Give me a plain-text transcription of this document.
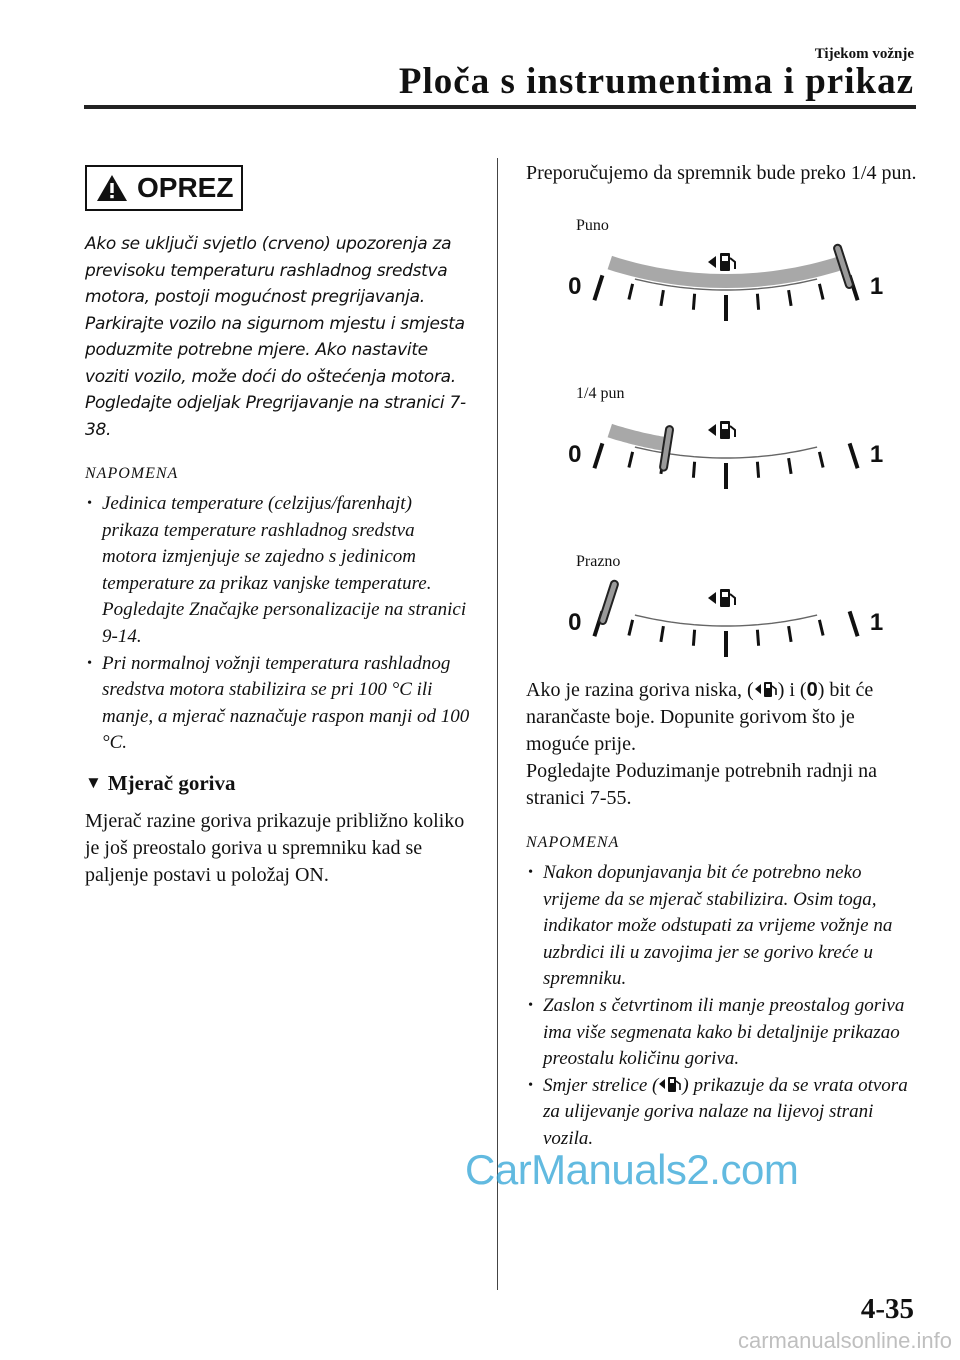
Tijekom vožnje
Ploča s instrumentima i prikaz
OPREZ
Ako se uključi svjetlo (crveno) upozorenja za previsoku temperaturu rashladnog sredstva motora, postoji mogućnost pregrijavanja. Parkirajte vozilo na sigurnom mjestu i smjesta poduzmite potrebne mjere. Ako nastavite voziti vozilo, može doći do oštećenja motora. Pogledajte odjeljak Pregrijavanje na stranici 7-38.
NAPOMENA
• Jedinica temperature (celzijus/farenhajt) prikaza temperature rashladnog sredstva motora izmjenjuje se zajedno s jedinicom temperature za prikaz vanjske temperature.
Pogledajte Značajke personalizacije na stranici 9-14.
• Pri normalnoj vožnji temperatura rashladnog sredstva motora stabilizira se pri 100 °C ili manje, a mjerač naznačuje raspon manji od 100 °C.
▼ Mjerač goriva
Mjerač razine goriva prikazuje približno koliko je još preostalo goriva u spremniku kad se paljenje postavi u položaj ON.
Preporučujemo da spremnik bude preko 1/4 pun.
Puno
0	1
1/4 pun
0	1
Prazno
0	1
Ako je razina goriva niska, ( ) i (0) bit će narančaste boje. Dopunite gorivom što je moguće prije.
Pogledajte Poduzimanje potrebnih radnji na stranici 7-55.
NAPOMENA
• Nakon dopunjavanja bit će potrebno neko vrijeme da se mjerač stabilizira. Osim toga, indikator može odstupati za vrijeme vožnje na uzbrdici ili u zavojima jer se gorivo kreće u spremniku.
• Zaslon s četvrtinom ili manje preostalog goriva ima više segmenata kako bi detaljnije prikazao preostalu količinu goriva.
• Smjer strelice ( ) prikazuje da se vrata otvora za ulijevanje goriva nalaze na lijevoj strani vozila.
CarManuals2.com
4-35
carmanualsonline.info
